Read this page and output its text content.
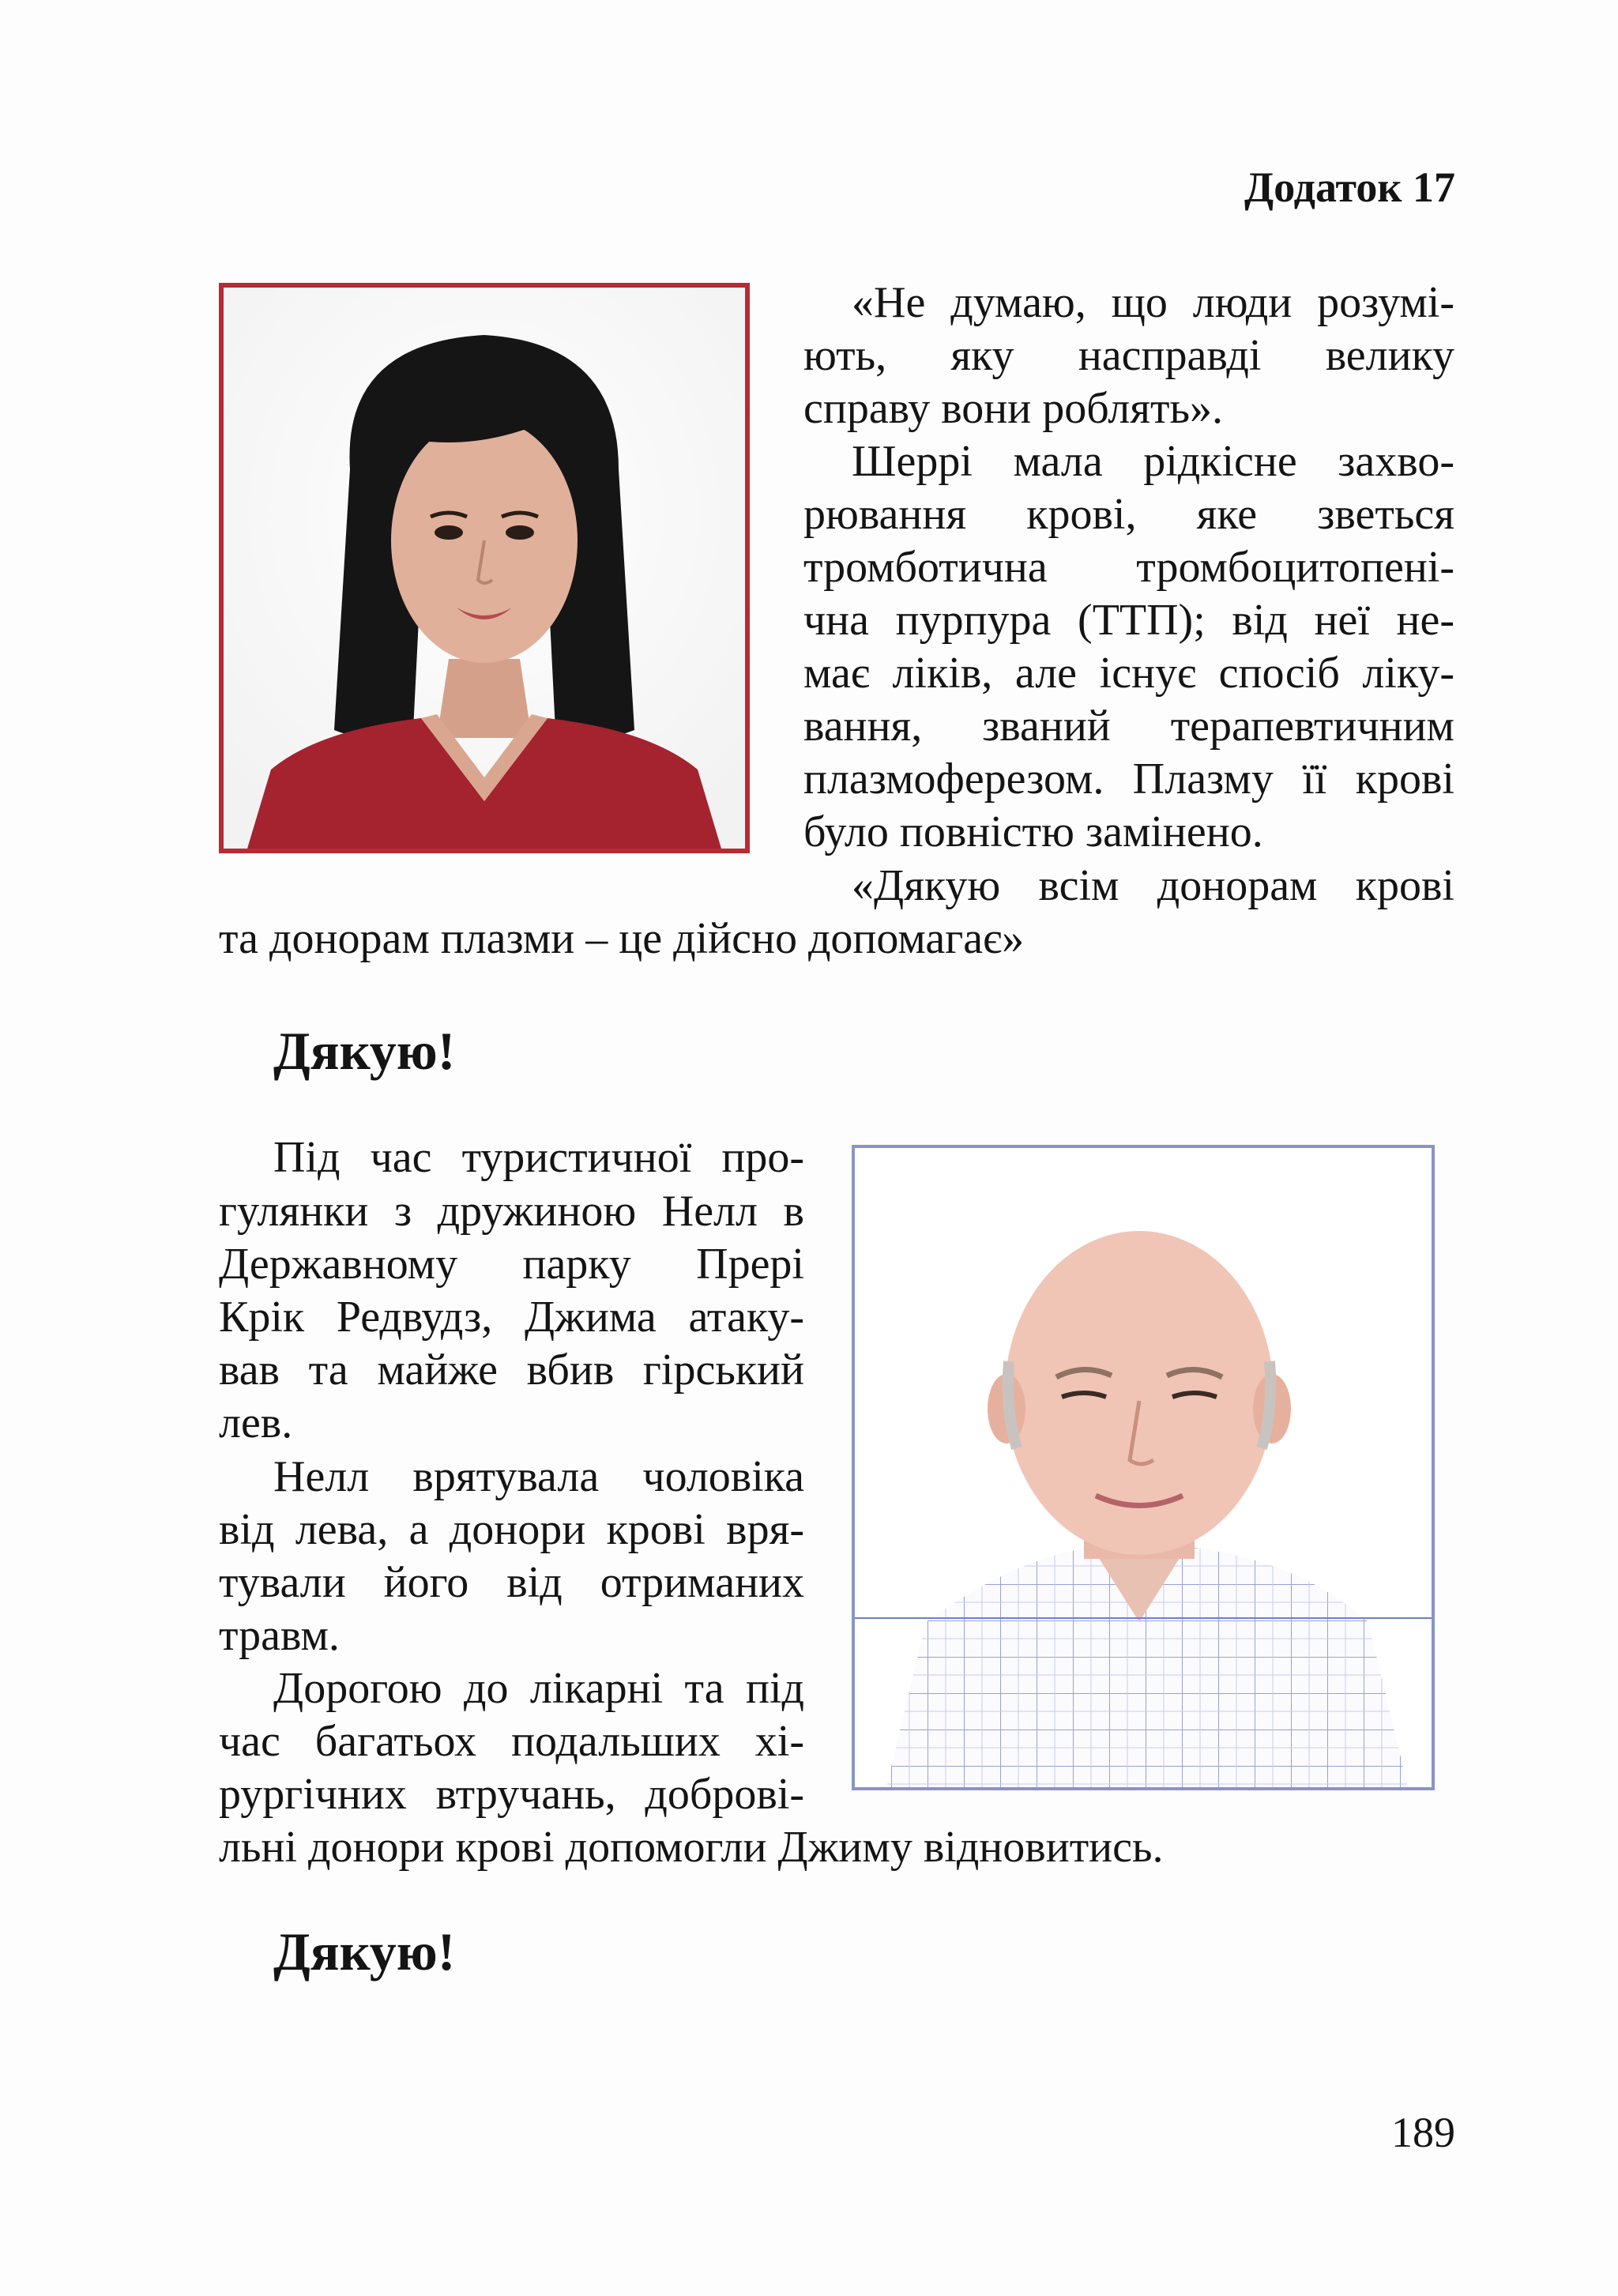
Додаток 17

«Не думаю, що люди розумі-
ють, яку насправді велику
справу вони роблять».
Шеррі мала рідкісне захво-
рювання крові, яке зветься
тромботична тромбоцитопені-
чна пурпура (ТТП); від неї не-
має ліків, але існує спосіб ліку-
вання, званий терапевтичним
плазмоферезом. Плазму її крові
було повністю замінено.
«Дякую всім донорам крові
та донорам плазми – це дійсно допомагає»
Дякую!
Під час туристичної про-
гулянки з дружиною Нелл в
Державному парку Прері
Крік Редвудз, Джима атаку-
вав та майже вбив гірський
лев.
Нелл врятувала чоловіка
від лева, а донори крові вря-
тували його від отриманих
травм.
Дорогою до лікарні та під
час багатьох подальших хі-
рургічних втручань, доброві-
льні донори крові допомогли Джиму відновитись.
Дякую!
189
